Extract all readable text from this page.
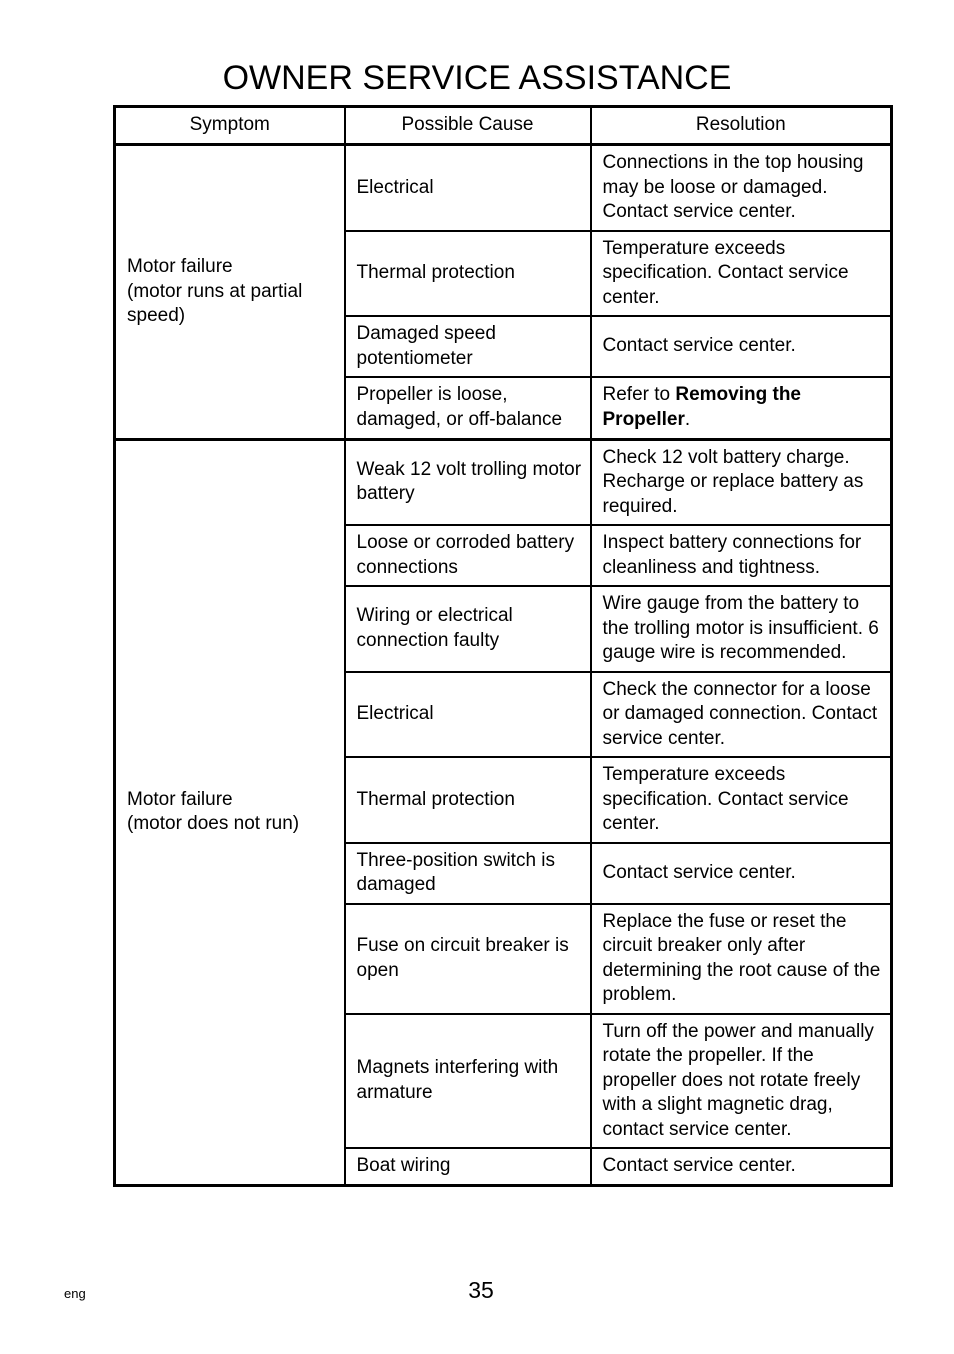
OWNER SERVICE ASSISTANCE
Symptom	Possible Cause	Resolution
Motor failure
(motor runs at partial
speed)	Electrical	Connections in the top housing may be loose or damaged. Contact service center.
	Thermal protection	Temperature exceeds specification. Contact service center.
	Damaged speed potentiometer	Contact service center.
	Propeller is loose, damaged, or off-balance	Refer to Removing the Propeller.
Motor failure
(motor does not run)	Weak 12 volt trolling motor battery	Check 12 volt battery charge. Recharge or replace battery as required.
	Loose or corroded battery connections	Inspect battery connections for cleanliness and tightness.
	Wiring or electrical connection faulty	Wire gauge from the battery to the trolling motor is insufficient. 6 gauge wire is recommended.
	Electrical	Check the connector for a loose or damaged connection. Contact service center.
	Thermal protection	Temperature exceeds specification. Contact service center.
	Three-position switch is damaged	Contact service center.
	Fuse on circuit breaker is open	Replace the fuse or reset the circuit breaker only after determining the root cause of the problem.
	Magnets interfering with armature	Turn off the power and manually rotate the propeller. If the propeller does not rotate freely with a slight magnetic drag, contact service center.
	Boat wiring	Contact service center.
eng	35
